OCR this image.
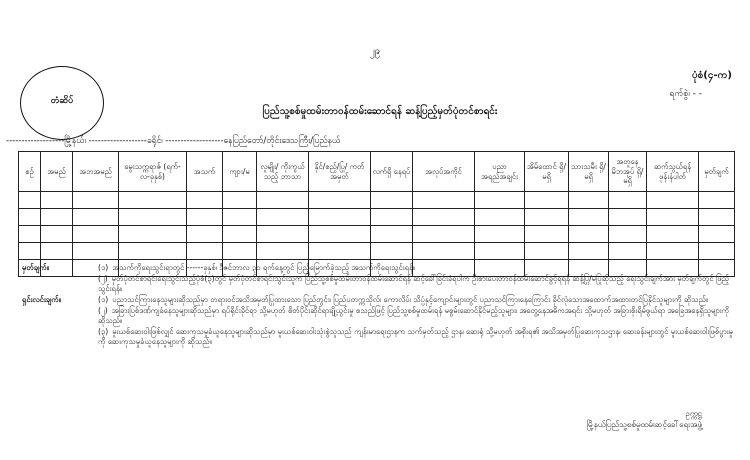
၂၉
ပုံစံ(၄-က)
တံဆိပ်
ရက်စွဲ၊ - -
ပြည်သူ့စစ်မှုထမ်းတာဝန်ထမ်းဆောင်ရန် ဆန့်ပြည့်မှတ်ပုံတင်စာရင်း
-------------------မြို့နယ်၊ -------------------ခရိုင်၊ -------------------နေပြည်တော်/တိုင်းဒေသကြီး/ပြည်နယ်
စဉ်	အမည်	အဘအမည်	မွေးသက္ကရာဇ် (ရက်-လ-ခုနှစ်)	အသက်	ကျား/မ	လူမျိုး/ ကိုးကွယ်သည့် ဘာသာ	နိုင်/စည့်/ပြု/ ကတ်အမှတ်	လက်ရှိ နေရပ်	အလုပ်အကိုင်	ပညာ အရည်အချင်း	အိမ်ထောင် ရှိ/မရှိ	သားသမီး ရှိ/မရှိ	အတူနေ မိဘအုပ် ရှိ/မရှိ	ဆက်သွယ်ရန် ဖုန်းနံပါတ်	မှတ်ချက်

မှတ်ချက်။	(၁) အသက်ကိုရေးသွင်းရာတွင် ------ခုနှစ်၊ ဒီဇင်ဘာလ ၃၁ ရက်နေ့တွင် ပြည့်မြောက်ခဲ့သည့် အသက်ကိုရေးသွင်းရန်။
(၂) မှတ်ပုံတင်စာရင်းရေးသွင်းသည့်ပုံစံ(၃)တွင် မှတ်ပုံတင်စာရင်းသွင်းသူက ပြည်သူ့စစ်မှုထမ်းတာဝန်ထမ်းဆောင်ရန် ဆင့်ခေါ်ခြင်းခံရပါက ဦးစားပေးတာဝန်ထမ်းဆောင်ခွင့်ရရန် ဆန့်ပြု/မပြုဆိုသည့် ရေးသွင်းချက်အား မှတ်ချက်တွင် ဖြည့်သွင်းရန်။
ရှင်းလင်းချက်။	(၁) ပညာသင်ကြားနေသူများဆိုသည်မှာ တရားဝင်အသိအမှတ်ပြုထားသော ပြည်တွင်း၊ ပြည်ပတက္ကသိုလ်၊ ကောလိပ်၊ သိပ္ပံနှင့်ကျောင်းများတွင် ပညာသင်ကြားနေကြောင်း ခိုင်လုံသောအထောက်အထားတင်ပြနိုင်သူများကို ဆိုသည်။
(၂) အခြားပြစ်ဒဏ်ကျခံနေသူများဆိုသည်မှာ ရပ်ရိုင်းခိုင်ရာ သို့မဟုတ် စိတ်ပိုင်းဆိုင်ရာချို့ယွင်းမှု စသည်ဖြင့် ပြည်သူ့စစ်မှုထမ်းရန် မစွမ်းဆောင်နိုင်မည့်သူများ၊ အတွေ့နေအဓိကအရင်း သို့မဟုတ် အခြားစိုးရိမ်ဖွယ်ရာ အခြေအနေရှိသူများကို ဆိုသည်။
(၃) မူးယစ်ဆေးဝါးဖြစ်လျှင် ဆေးကုသမှုခံယူနေသူများဆိုသည်မှာ မူးယစ်ဆေးဝါးသုံးစွဲသူသည် ကျန်းမာရေးဌာနက သက်မှတ်သည့် ဌာန၊ ဆေးရုံ သို့မဟုတ် အစိုးရ၏ အသိအမှတ်ပြုဆေးကုသဌာန၊ ဆေးခန်းများတွင် မူးယစ်ဆေးဝါးဖြစ်ပွားမှုကို ဆေးကုသမှုခံယူနေသူများကို ဆိုသည်။
ဥက္ကဋ္ဌ
မြို့နယ်ပြည်သူ့စစ်မှုထမ်းဆင့်ခေါ်ရေးအဖွဲ့
